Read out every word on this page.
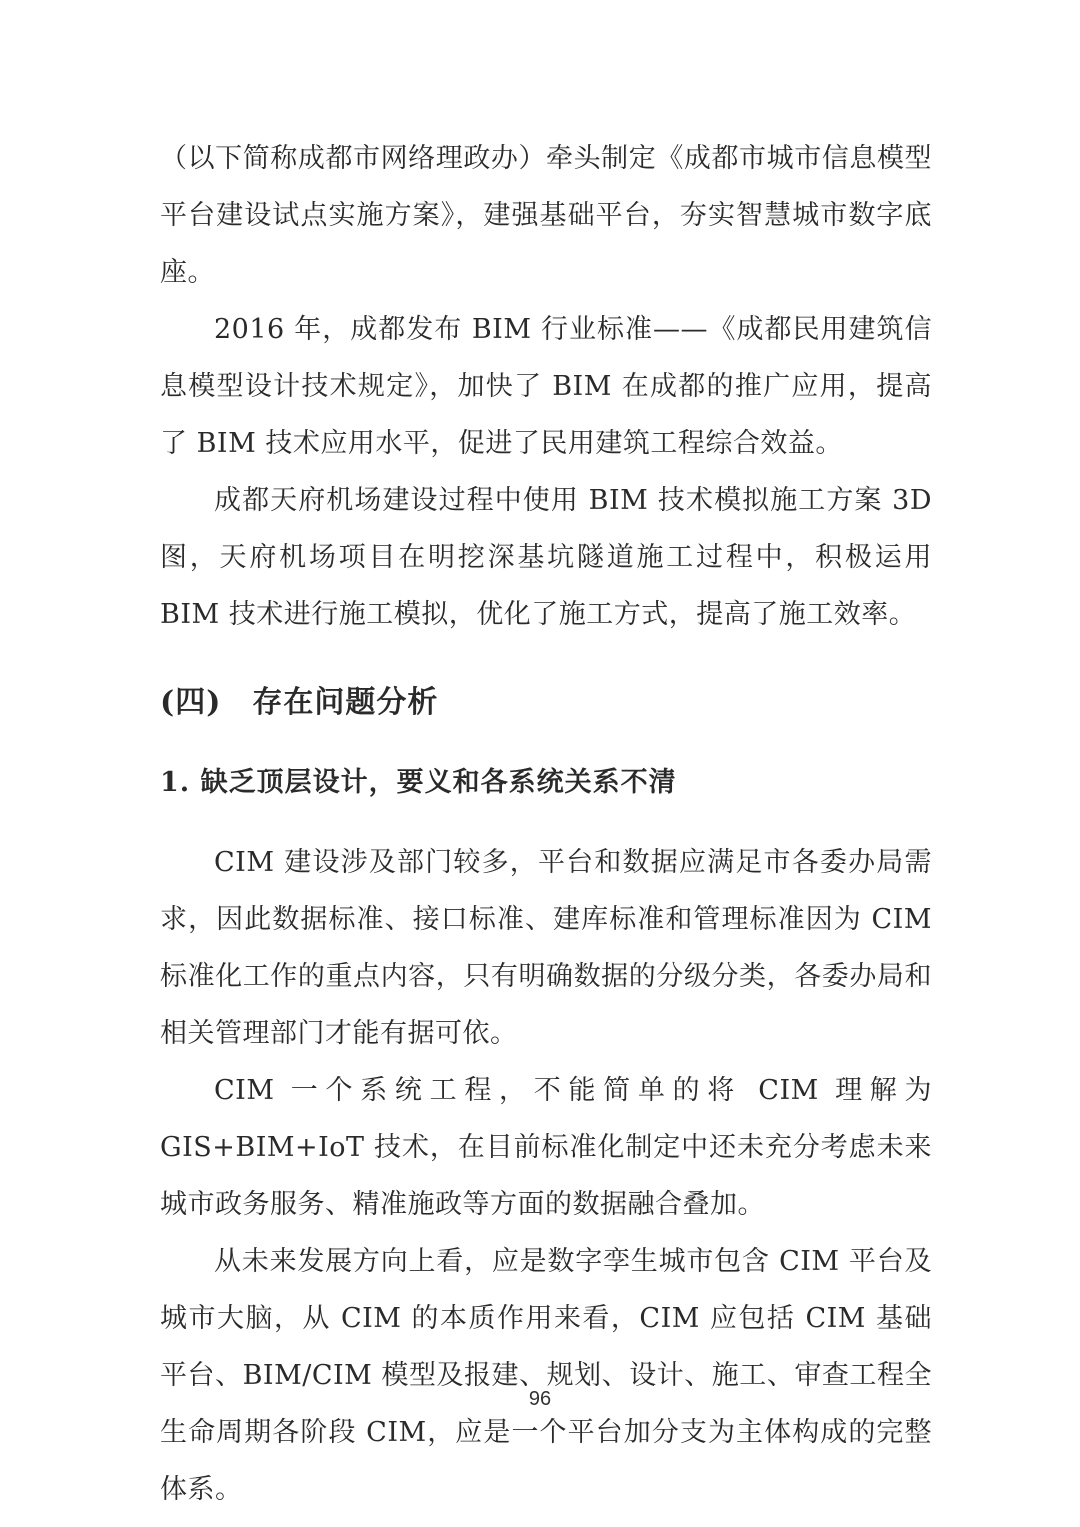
（以下简称成都市网络理政办）牵头制定《成都市城市信息模型平台建设试点实施方案》，建强基础平台，夯实智慧城市数字底座。

2016 年，成都发布 BIM 行业标准——《成都民用建筑信息模型设计技术规定》，加快了 BIM 在成都的推广应用，提高了 BIM 技术应用水平，促进了民用建筑工程综合效益。

成都天府机场建设过程中使用 BIM 技术模拟施工方案 3D 图，天府机场项目在明挖深基坑隧道施工过程中，积极运用 BIM 技术进行施工模拟，优化了施工方式，提高了施工效率。

(四)　存在问题分析
1. 缺乏顶层设计，要义和各系统关系不清

CIM 建设涉及部门较多，平台和数据应满足市各委办局需求，因此数据标准、接口标准、建库标准和管理标准因为 CIM 标准化工作的重点内容，只有明确数据的分级分类，各委办局和相关管理部门才能有据可依。

CIM 一个系统工程，不能简单的将 CIM 理解为 GIS+BIM+IoT 技术，在目前标准化制定中还未充分考虑未来城市政务服务、精准施政等方面的数据融合叠加。

从未来发展方向上看，应是数字孪生城市包含 CIM 平台及城市大脑，从 CIM 的本质作用来看，CIM 应包括 CIM 基础平台、BIM/CIM 模型及报建、规划、设计、施工、审查工程全生命周期各阶段 CIM，应是一个平台加分支为主体构成的完整体系。

96
